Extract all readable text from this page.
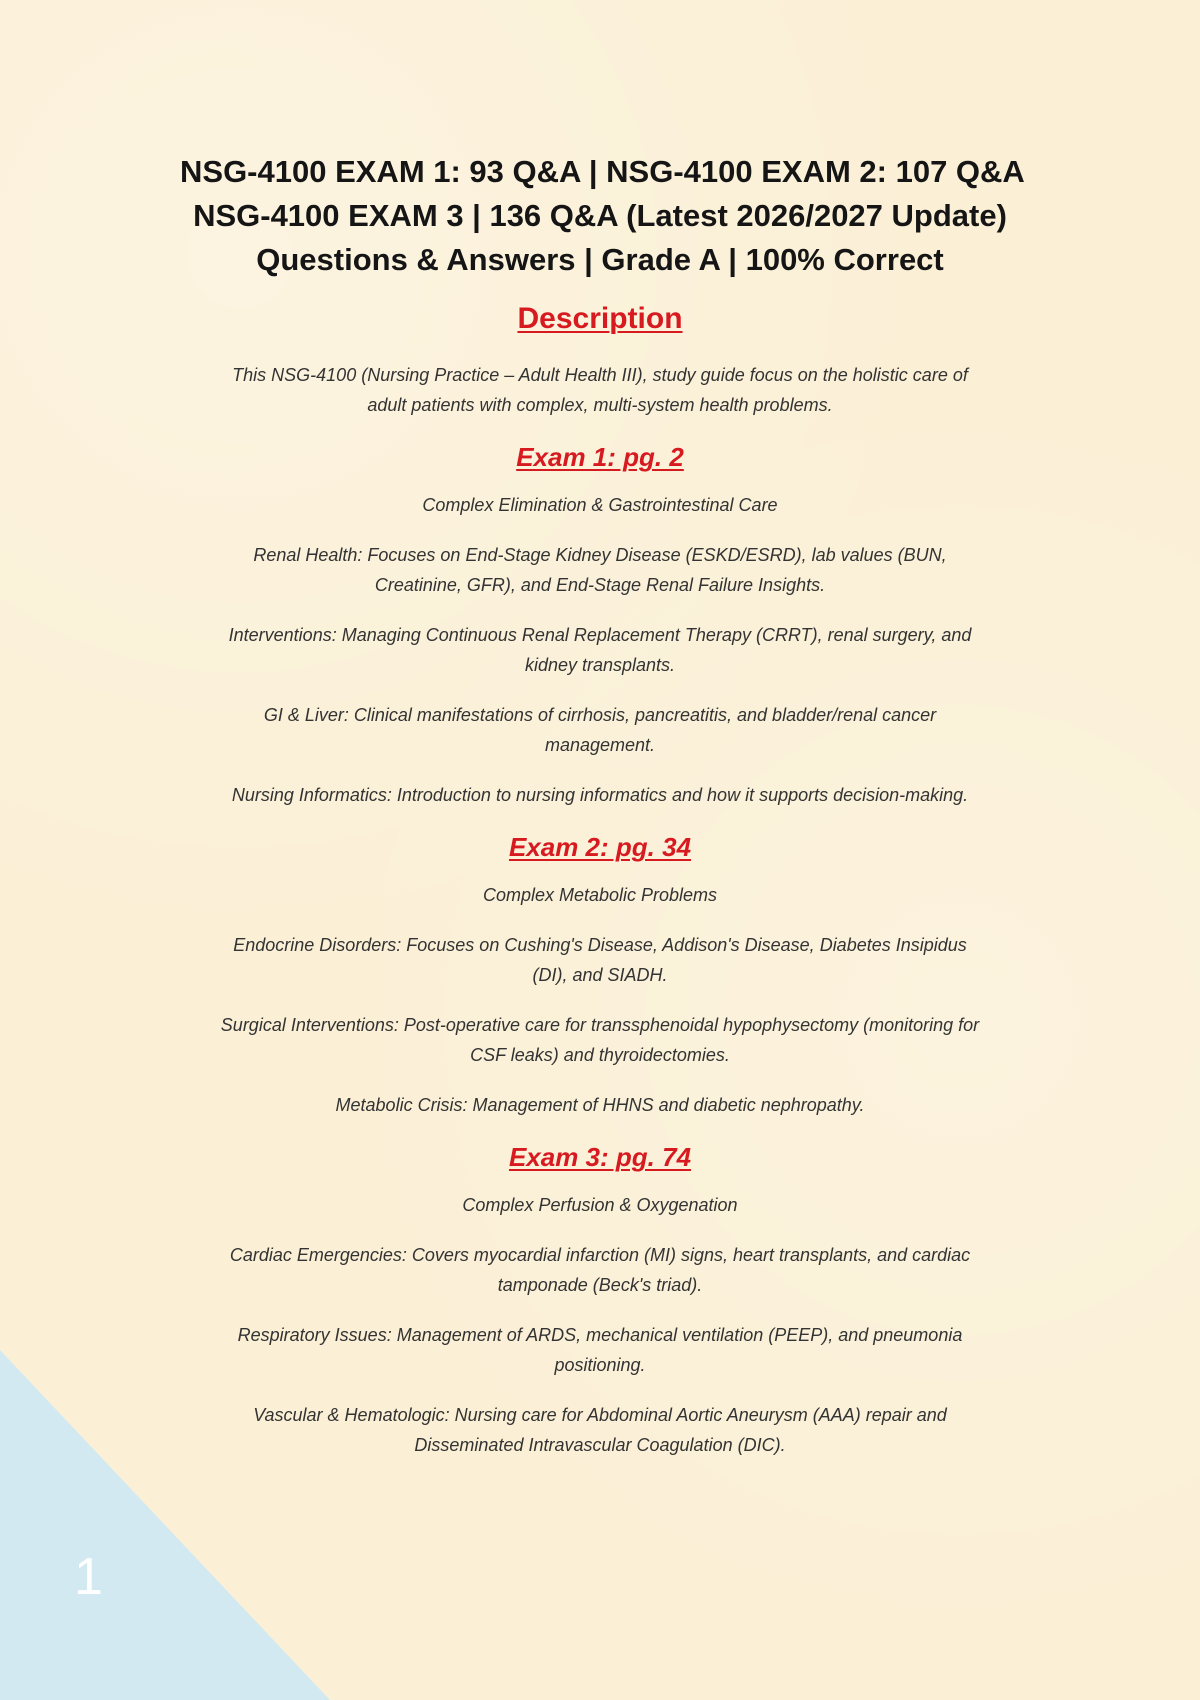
1
NSG-4100 EXAM 1: 93 Q&A | NSG-4100 EXAM 2: 107 Q&A
NSG-4100 EXAM 3 | 136 Q&A (Latest 2026/2027 Update)
Questions & Answers | Grade A | 100% Correct
Description

This NSG-4100 (Nursing Practice – Adult Health III), study guide focus on the holistic care of adult patients with complex, multi-system health problems.

Exam 1: pg. 2

Complex Elimination & Gastrointestinal Care

Renal Health: Focuses on End-Stage Kidney Disease (ESKD/ESRD), lab values (BUN, Creatinine, GFR), and End-Stage Renal Failure Insights.

Interventions: Managing Continuous Renal Replacement Therapy (CRRT), renal surgery, and kidney transplants.

GI & Liver: Clinical manifestations of cirrhosis, pancreatitis, and bladder/renal cancer management.

Nursing Informatics: Introduction to nursing informatics and how it supports decision-making.

Exam 2: pg. 34

Complex Metabolic Problems

Endocrine Disorders: Focuses on Cushing's Disease, Addison's Disease, Diabetes Insipidus (DI), and SIADH.

Surgical Interventions: Post-operative care for transsphenoidal hypophysectomy (monitoring for CSF leaks) and thyroidectomies.

Metabolic Crisis: Management of HHNS and diabetic nephropathy.

Exam 3: pg. 74

Complex Perfusion & Oxygenation

Cardiac Emergencies: Covers myocardial infarction (MI) signs, heart transplants, and cardiac tamponade (Beck's triad).

Respiratory Issues: Management of ARDS, mechanical ventilation (PEEP), and pneumonia positioning.

Vascular & Hematologic: Nursing care for Abdominal Aortic Aneurysm (AAA) repair and Disseminated Intravascular Coagulation (DIC).
